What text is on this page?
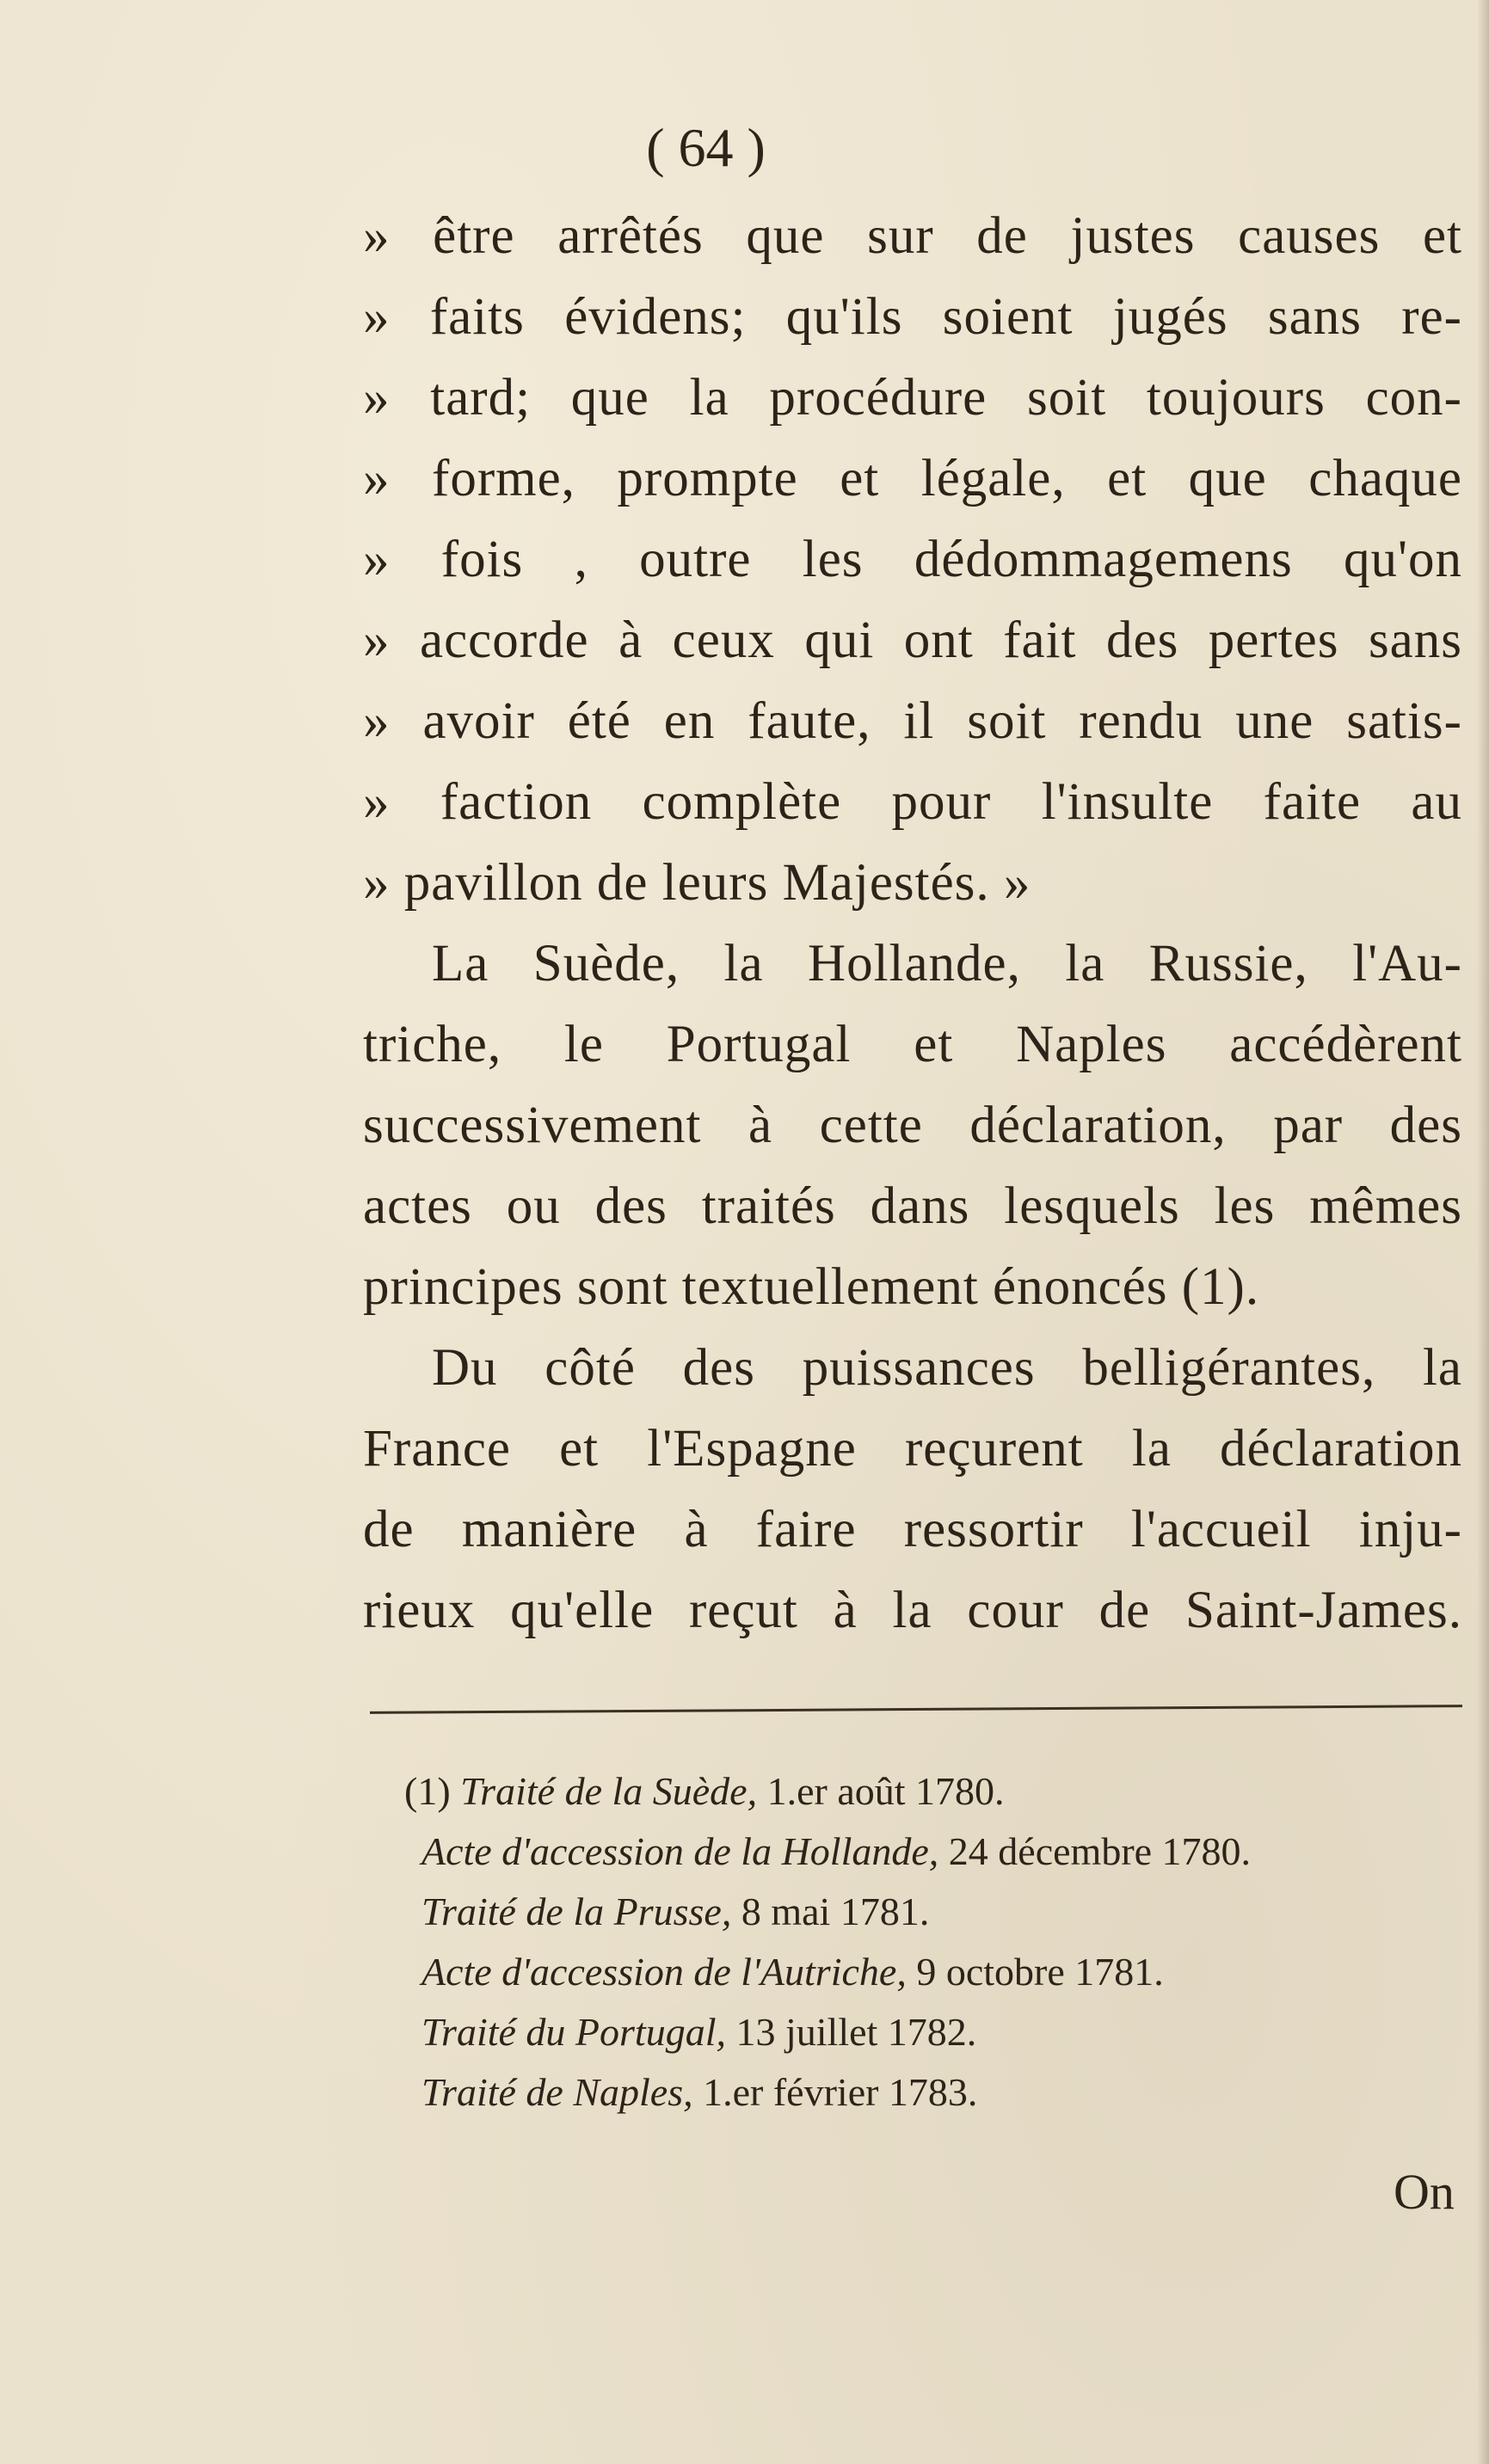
( 64 )
» être arrêtés que sur de justes causes et
» faits évidens; qu'ils soient jugés sans re-
» tard; que la procédure soit toujours con-
» forme, prompte et légale, et que chaque
» fois , outre les dédommagemens qu'on
» accorde à ceux qui ont fait des pertes sans
» avoir été en faute, il soit rendu une satis-
» faction complète pour l'insulte faite au
» pavillon de leurs Majestés. »
La Suède, la Hollande, la Russie, l'Au-
triche, le Portugal et Naples accédèrent
successivement à cette déclaration, par des
actes ou des traités dans lesquels les mêmes
principes sont textuellement énoncés (1).
Du côté des puissances belligérantes, la
France et l'Espagne reçurent la déclaration
de manière à faire ressortir l'accueil inju-
rieux qu'elle reçut à la cour de Saint-James.
(1) Traité de la Suède, 1.er août 1780.
Acte d'accession de la Hollande, 24 décembre 1780.
Traité de la Prusse, 8 mai 1781.
Acte d'accession de l'Autriche, 9 octobre 1781.
Traité du Portugal, 13 juillet 1782.
Traité de Naples, 1.er février 1783.
On
